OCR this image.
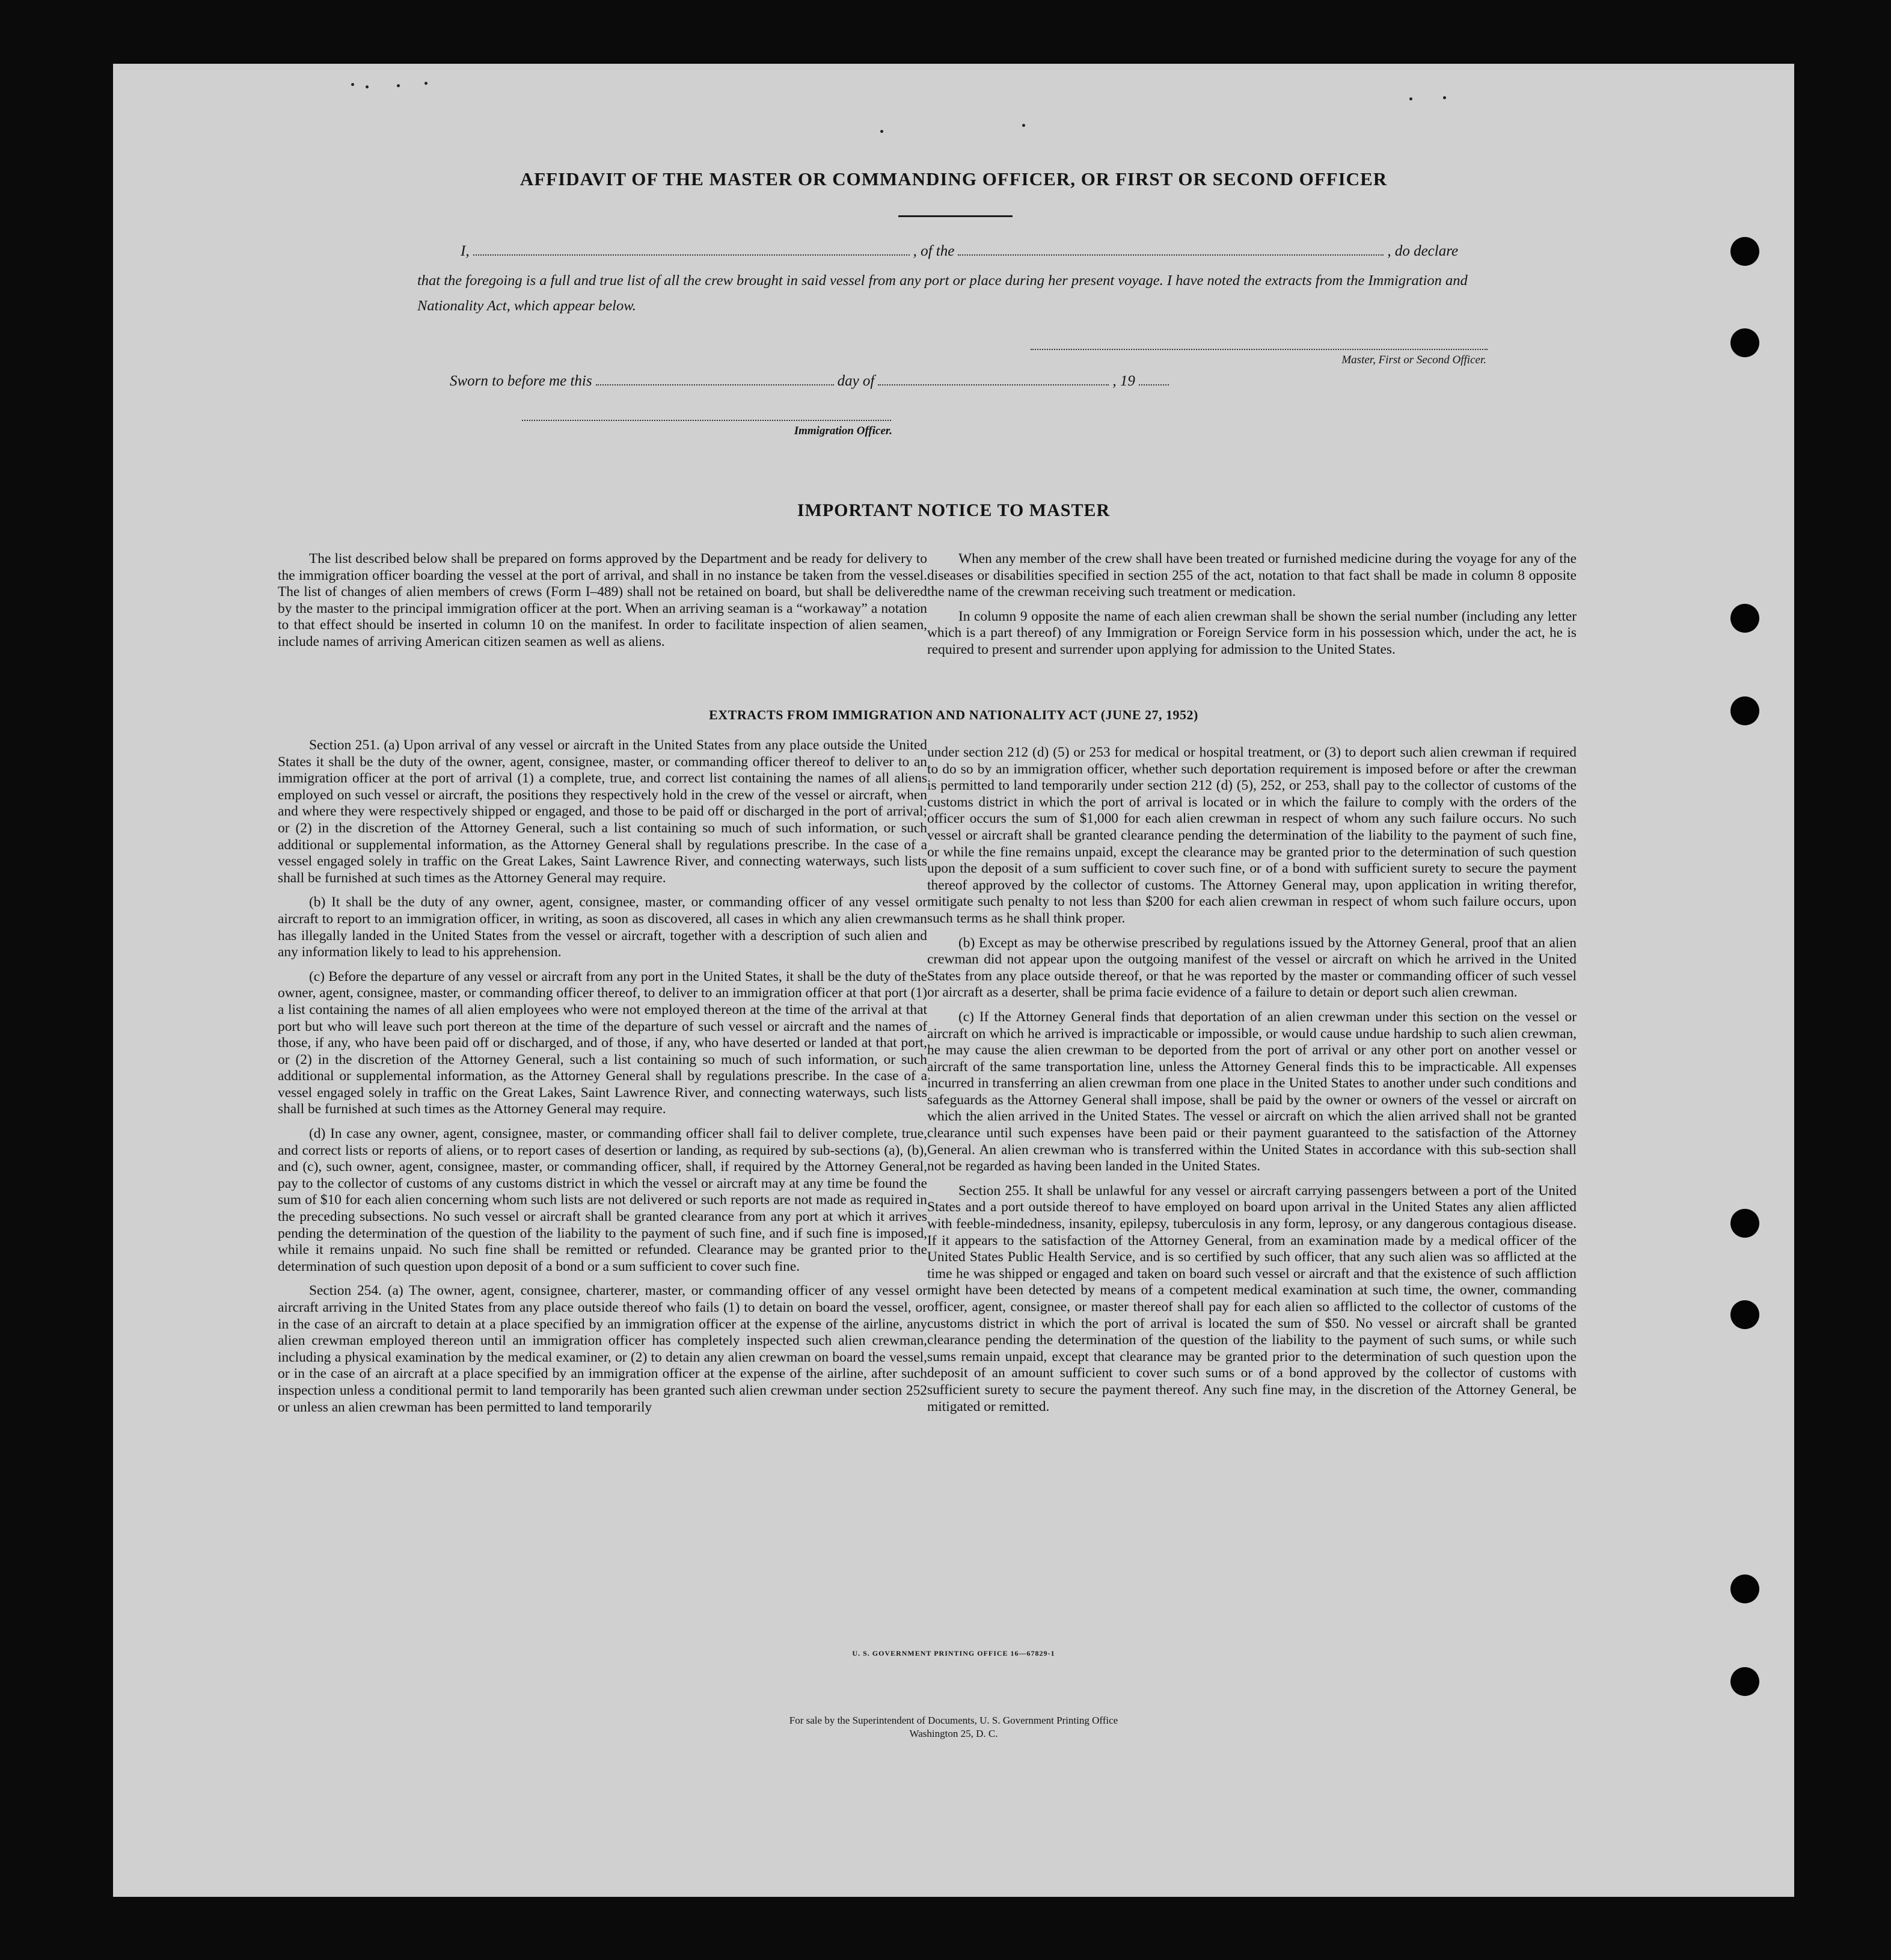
AFFIDAVIT OF THE MASTER OR COMMANDING OFFICER, OR FIRST OR SECOND OFFICER
I,	, of the	, do declare
that the foregoing is a full and true list of all the crew brought in said vessel from any port or place during her present voyage. I have noted the extracts from the Immigration and Nationality Act, which appear below.
Master, First or Second Officer.
Sworn to before me this	day of	, 19
Immigration Officer.
IMPORTANT NOTICE TO MASTER

The list described below shall be prepared on forms approved by the Department and be ready for delivery to the immigration officer boarding the vessel at the port of arrival, and shall in no instance be taken from the vessel. The list of changes of alien members of crews (Form I–489) shall not be retained on board, but shall be delivered by the master to the principal immigration officer at the port. When an arriving seaman is a “workaway” a notation to that effect should be inserted in column 10 on the manifest. In order to facilitate inspection of alien seamen, include names of arriving American citizen seamen as well as aliens.

When any member of the crew shall have been treated or furnished medicine during the voyage for any of the diseases or disabilities specified in section 255 of the act, notation to that fact shall be made in column 8 opposite the name of the crewman receiving such treatment or medication.

In column 9 opposite the name of each alien crewman shall be shown the serial number (including any letter which is a part thereof) of any Immigration or Foreign Service form in his possession which, under the act, he is required to present and surrender upon applying for admission to the United States.

EXTRACTS FROM IMMIGRATION AND NATIONALITY ACT (JUNE 27, 1952)

Section 251. (a) Upon arrival of any vessel or aircraft in the United States from any place outside the United States it shall be the duty of the owner, agent, consignee, master, or commanding officer thereof to deliver to an immigration officer at the port of arrival (1) a complete, true, and correct list containing the names of all aliens employed on such vessel or aircraft, the positions they respectively hold in the crew of the vessel or aircraft, when and where they were respectively shipped or engaged, and those to be paid off or discharged in the port of arrival; or (2) in the discretion of the Attorney General, such a list containing so much of such information, or such additional or supplemental information, as the Attorney General shall by regulations prescribe. In the case of a vessel engaged solely in traffic on the Great Lakes, Saint Lawrence River, and connecting waterways, such lists shall be furnished at such times as the Attorney General may require.

(b) It shall be the duty of any owner, agent, consignee, master, or commanding officer of any vessel or aircraft to report to an immigration officer, in writing, as soon as discovered, all cases in which any alien crewman has illegally landed in the United States from the vessel or aircraft, together with a description of such alien and any information likely to lead to his apprehension.

(c) Before the departure of any vessel or aircraft from any port in the United States, it shall be the duty of the owner, agent, consignee, master, or commanding officer thereof, to deliver to an immigration officer at that port (1) a list containing the names of all alien employees who were not employed thereon at the time of the arrival at that port but who will leave such port thereon at the time of the departure of such vessel or aircraft and the names of those, if any, who have been paid off or discharged, and of those, if any, who have deserted or landed at that port, or (2) in the discretion of the Attorney General, such a list containing so much of such information, or such additional or supplemental information, as the Attorney General shall by regulations prescribe. In the case of a vessel engaged solely in traffic on the Great Lakes, Saint Lawrence River, and connecting waterways, such lists shall be furnished at such times as the Attorney General may require.

(d) In case any owner, agent, consignee, master, or commanding officer shall fail to deliver complete, true, and correct lists or reports of aliens, or to report cases of desertion or landing, as required by sub-sections (a), (b), and (c), such owner, agent, consignee, master, or commanding officer, shall, if required by the Attorney General, pay to the collector of customs of any customs district in which the vessel or aircraft may at any time be found the sum of $10 for each alien concerning whom such lists are not delivered or such reports are not made as required in the preceding subsections. No such vessel or aircraft shall be granted clearance from any port at which it arrives pending the determination of the question of the liability to the payment of such fine, and if such fine is imposed, while it remains unpaid. No such fine shall be remitted or refunded. Clearance may be granted prior to the determination of such question upon deposit of a bond or a sum sufficient to cover such fine.

Section 254. (a) The owner, agent, consignee, charterer, master, or commanding officer of any vessel or aircraft arriving in the United States from any place outside thereof who fails (1) to detain on board the vessel, or in the case of an aircraft to detain at a place specified by an immigration officer at the expense of the airline, any alien crewman employed thereon until an immigration officer has completely inspected such alien crewman, including a physical examination by the medical examiner, or (2) to detain any alien crewman on board the vessel, or in the case of an aircraft at a place specified by an immigration officer at the expense of the airline, after such inspection unless a conditional permit to land temporarily has been granted such alien crewman under section 252 or unless an alien crewman has been permitted to land temporarily

under section 212 (d) (5) or 253 for medical or hospital treatment, or (3) to deport such alien crewman if required to do so by an immigration officer, whether such deportation requirement is imposed before or after the crewman is permitted to land temporarily under section 212 (d) (5), 252, or 253, shall pay to the collector of customs of the customs district in which the port of arrival is located or in which the failure to comply with the orders of the officer occurs the sum of $1,000 for each alien crewman in respect of whom any such failure occurs. No such vessel or aircraft shall be granted clearance pending the determination of the liability to the payment of such fine, or while the fine remains unpaid, except the clearance may be granted prior to the determination of such question upon the deposit of a sum sufficient to cover such fine, or of a bond with sufficient surety to secure the payment thereof approved by the collector of customs. The Attorney General may, upon application in writing therefor, mitigate such penalty to not less than $200 for each alien crewman in respect of whom such failure occurs, upon such terms as he shall think proper.

(b) Except as may be otherwise prescribed by regulations issued by the Attorney General, proof that an alien crewman did not appear upon the outgoing manifest of the vessel or aircraft on which he arrived in the United States from any place outside thereof, or that he was reported by the master or commanding officer of such vessel or aircraft as a deserter, shall be prima facie evidence of a failure to detain or deport such alien crewman.

(c) If the Attorney General finds that deportation of an alien crewman under this section on the vessel or aircraft on which he arrived is impracticable or impossible, or would cause undue hardship to such alien crewman, he may cause the alien crewman to be deported from the port of arrival or any other port on another vessel or aircraft of the same transportation line, unless the Attorney General finds this to be impracticable. All expenses incurred in transferring an alien crewman from one place in the United States to another under such conditions and safeguards as the Attorney General shall impose, shall be paid by the owner or owners of the vessel or aircraft on which the alien arrived in the United States. The vessel or aircraft on which the alien arrived shall not be granted clearance until such expenses have been paid or their payment guaranteed to the satisfaction of the Attorney General. An alien crewman who is transferred within the United States in accordance with this sub-section shall not be regarded as having been landed in the United States.

Section 255. It shall be unlawful for any vessel or aircraft carrying passengers between a port of the United States and a port outside thereof to have employed on board upon arrival in the United States any alien afflicted with feeble-mindedness, insanity, epilepsy, tuberculosis in any form, leprosy, or any dangerous contagious disease. If it appears to the satisfaction of the Attorney General, from an examination made by a medical officer of the United States Public Health Service, and is so certified by such officer, that any such alien was so afflicted at the time he was shipped or engaged and taken on board such vessel or aircraft and that the existence of such affliction might have been detected by means of a competent medical examination at such time, the owner, commanding officer, agent, consignee, or master thereof shall pay for each alien so afflicted to the collector of customs of the customs district in which the port of arrival is located the sum of $50. No vessel or aircraft shall be granted clearance pending the determination of the question of the liability to the payment of such sums, or while such sums remain unpaid, except that clearance may be granted prior to the determination of such question upon the deposit of an amount sufficient to cover such sums or of a bond approved by the collector of customs with sufficient surety to secure the payment thereof. Any such fine may, in the discretion of the Attorney General, be mitigated or remitted.

U. S. GOVERNMENT PRINTING OFFICE 16—67829-1
For sale by the Superintendent of Documents, U. S. Government Printing Office
Washington 25, D. C.
